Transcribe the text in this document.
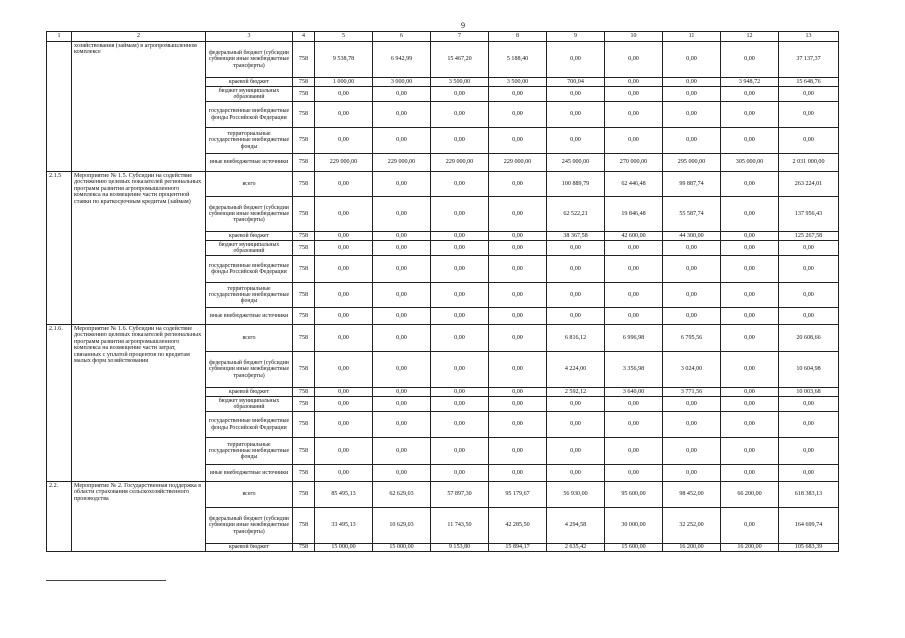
9
1	2	3	4	5	6	7	8	9	10	11	12	13
	хозяйствования (займам) в агропромышленном комплексе	федеральный бюджет (субсидии субвенции иные межбюджетные трансферты)	758	9 538,78	6 942,99	15 467,20	5 188,40	0,00	0,00	0,00	0,00	37 137,37
		краевой бюджет	758	1 000,00	3 000,00	3 500,00	3 500,00	700,04	0,00	0,00	3 948,72	15 648,76
		бюджет муниципальных образований	758	0,00	0,00	0,00	0,00	0,00	0,00	0,00	0,00	0,00
		государственные внебюджетные фонды Российской Федерации	758	0,00	0,00	0,00	0,00	0,00	0,00	0,00	0,00	0,00
		территориальные государственные внебюджетные фонды	758	0,00	0,00	0,00	0,00	0,00	0,00	0,00	0,00	0,00
		иные внебюджетные источники	758	229 000,00	229 000,00	229 000,00	229 000,00	245 000,00	270 000,00	295 000,00	305 000,00	2 031 000,00
2.1.5	Мероприятие № 1.5. Субсидии на содействие достижению целевых показателей региональных программ развития агропромышленного комплекса на возмещение части процентной ставки по краткосрочным кредитам (займам)	всего	758	0,00	0,00	0,00	0,00	100 889,79	62 446,48	99 887,74	0,00	263 224,01
		федеральный бюджет (субсидии субвенции иные межбюджетные трансферты)	758	0,00	0,00	0,00	0,00	62 522,21	19 846,48	55 587,74	0,00	137 956,43
		краевой бюджет	758	0,00	0,00	0,00	0,00	38 367,58	42 600,00	44 300,00	0,00	125 267,58
		бюджет муниципальных образований	758	0,00	0,00	0,00	0,00	0,00	0,00	0,00	0,00	0,00
		государственные внебюджетные фонды Российской Федерации	758	0,00	0,00	0,00	0,00	0,00	0,00	0,00	0,00	0,00
		территориальные государственные внебюджетные фонды	758	0,00	0,00	0,00	0,00	0,00	0,00	0,00	0,00	0,00
		иные внебюджетные источники	758	0,00	0,00	0,00	0,00	0,00	0,00	0,00	0,00	0,00
2.1.6.	Мероприятие № 1.6. Субсидии на содействие достижению целевых показателей региональных программ развития агропромышленного комплекса на возмещение части затрат, связанных с уплатой процентов по кредитам малых форм хозяйствования	всего	758	0,00	0,00	0,00	0,00	6 816,12	6 996,98	6 795,56	0,00	20 608,66
		федеральный бюджет (субсидии субвенции иные межбюджетные трансферты)	758	0,00	0,00	0,00	0,00	4 224,00	3 356,98	3 024,00	0,00	10 604,98
		краевой бюджет	758	0,00	0,00	0,00	0,00	2 592,12	3 640,00	3 771,56	0,00	10 003,68
		бюджет муниципальных образований	758	0,00	0,00	0,00	0,00	0,00	0,00	0,00	0,00	0,00
		государственные внебюджетные фонды Российской Федерации	758	0,00	0,00	0,00	0,00	0,00	0,00	0,00	0,00	0,00
		территориальные государственные внебюджетные фонды	758	0,00	0,00	0,00	0,00	0,00	0,00	0,00	0,00	0,00
		иные внебюджетные источники	758	0,00	0,00	0,00	0,00	0,00	0,00	0,00	0,00	0,00
2.2.	Мероприятие № 2. Государственная поддержка в области страхования сельскохозяйственного производства	всего	758	85 495,13	62 629,03	57 897,30	95 179,67	56 930,00	95 600,00	98 452,00	66 200,00	618 383,13
		федеральный бюджет (субсидии субвенции иные межбюджетные трансферты)	758	33 495,13	10 629,03	11 743,50	42 285,50	4 294,58	30 000,00	32 252,00	0,00	164 699,74
		краевой бюджет	758	15 000,00	15 000,00	9 153,80	15 894,17	2 635,42	15 600,00	16 200,00	16 200,00	105 683,39
